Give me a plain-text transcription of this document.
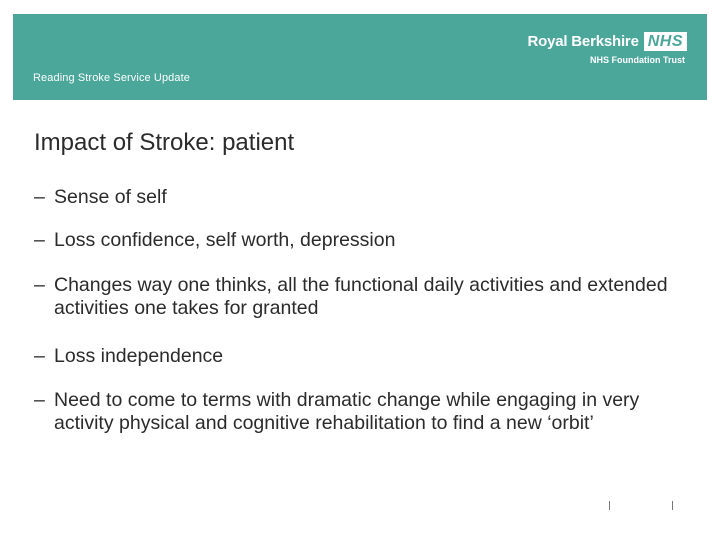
Royal Berkshire NHS
NHS Foundation Trust
Reading Stroke Service Update
Impact of Stroke: patient
– Sense of self
– Loss confidence, self worth, depression
– Changes way one thinks, all the functional daily activities and extended activities one takes for granted
– Loss independence
– Need to come to terms with dramatic change while engaging in very activity physical and cognitive rehabilitation to find a new ‘orbit’
